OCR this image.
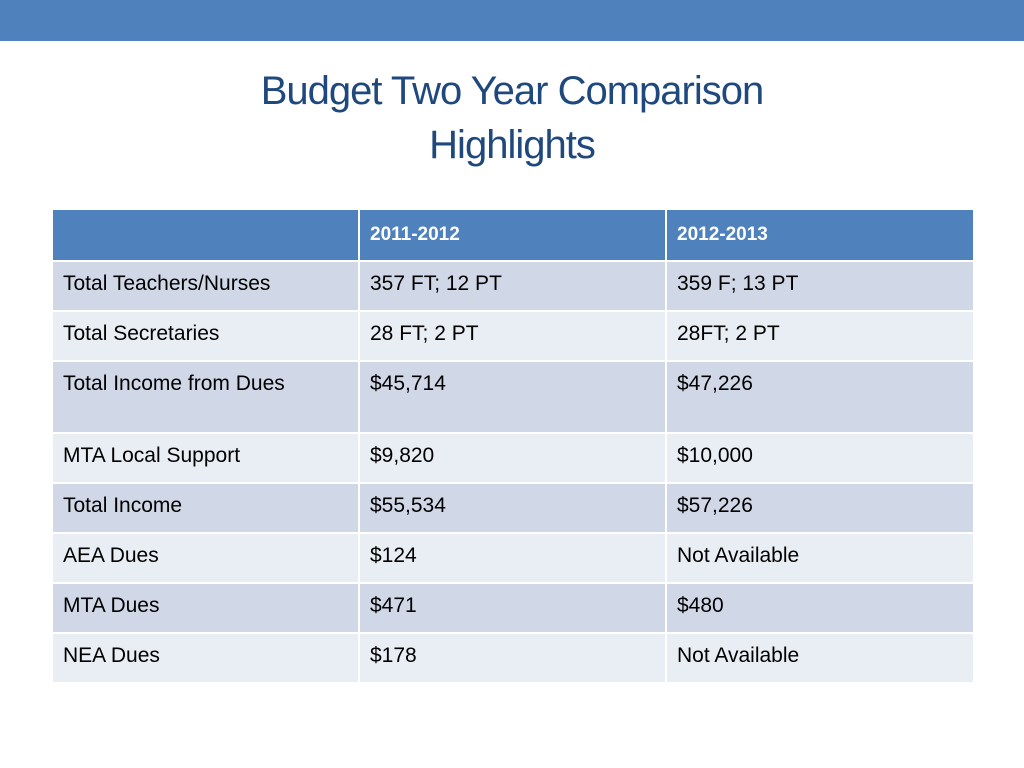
Budget Two Year Comparison
Highlights
	2011-2012	2012-2013
Total Teachers/Nurses	357 FT; 12 PT	359 F; 13 PT
Total Secretaries	28 FT; 2 PT	28FT; 2 PT
Total Income from Dues	$45,714	$47,226
MTA Local Support	$9,820	$10,000
Total Income	$55,534	$57,226
AEA Dues	$124	Not Available
MTA Dues	$471	$480
NEA Dues	$178	Not Available
